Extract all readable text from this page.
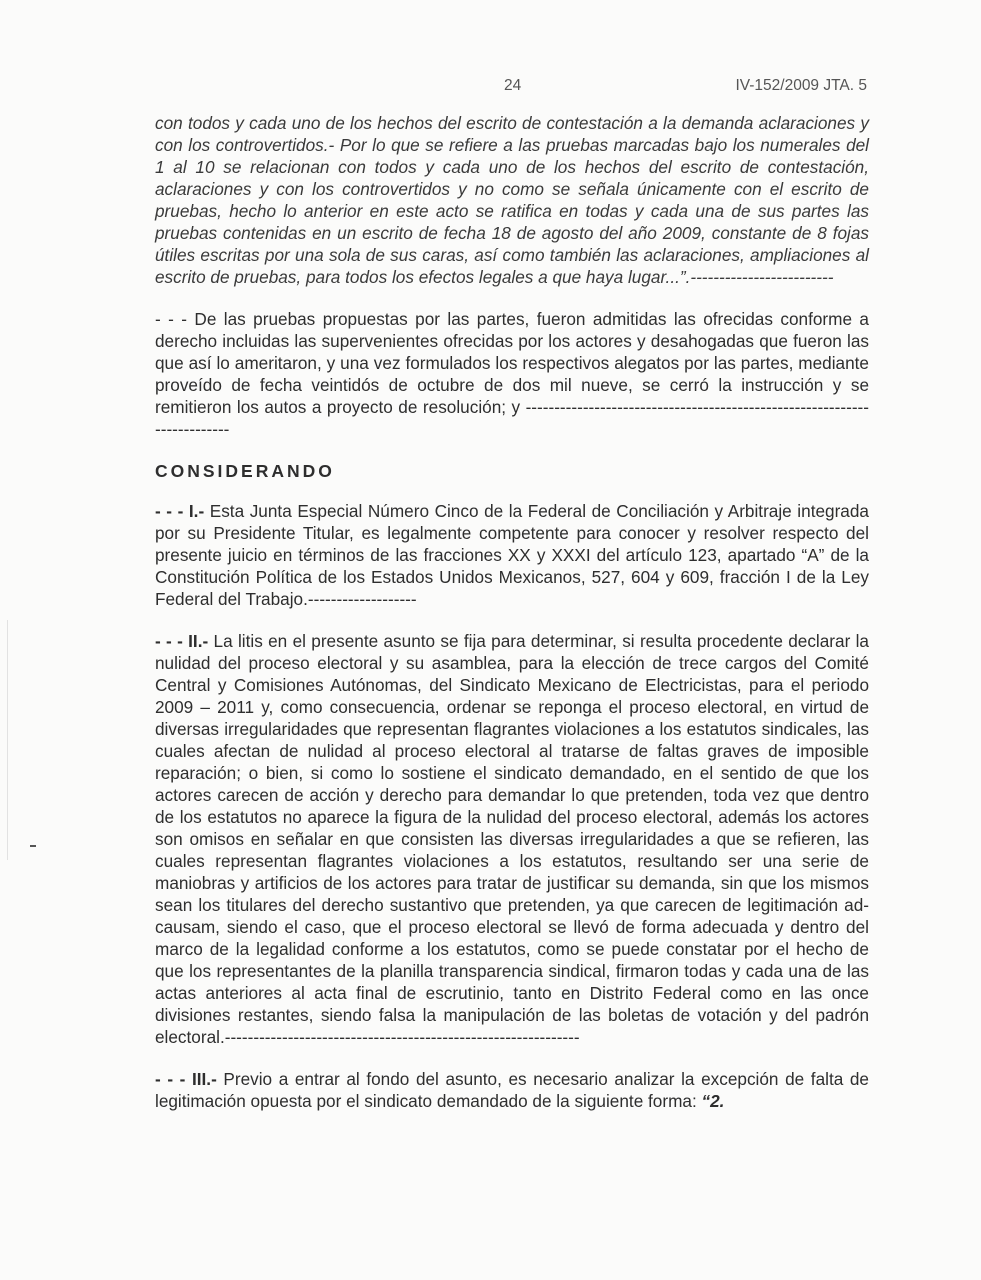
24	IV-152/2009 JTA. 5

con todos y cada uno de los hechos del escrito de contestación a la demanda aclaraciones y con los controvertidos.- Por lo que se refiere a las pruebas marcadas bajo los numerales del 1 al 10 se relacionan con todos y cada uno de los hechos del escrito de contestación, aclaraciones y con los controvertidos y no como se señala únicamente con el escrito de pruebas, hecho lo anterior en este acto se ratifica en todas y cada una de sus partes las pruebas contenidas en un escrito de fecha 18 de agosto del año 2009, constante de 8 fojas útiles escritas por una sola de sus caras, así como también las aclaraciones, ampliaciones al escrito de pruebas, para todos los efectos legales a que haya lugar...”.-------------------------

- - - De las pruebas propuestas por las partes, fueron admitidas las ofrecidas conforme a derecho incluidas las supervenientes ofrecidas por los actores y desahogadas que fueron las que así lo ameritaron, y una vez formulados los respectivos alegatos por las partes, mediante proveído de fecha veintidós de octubre de dos mil nueve, se cerró la instrucción y se remitieron los autos a proyecto de resolución; y -------------------------------------------------------------------------

CONSIDERANDO

- - - I.- Esta Junta Especial Número Cinco de la Federal de Conciliación y Arbitraje integrada por su Presidente Titular, es legalmente competente para conocer y resolver respecto del presente juicio en términos de las fracciones XX y XXXI del artículo 123, apartado “A” de la Constitución Política de los Estados Unidos Mexicanos, 527, 604 y 609, fracción I de la Ley Federal del Trabajo.-------------------

- - - II.- La litis en el presente asunto se fija para determinar, si resulta procedente declarar la nulidad del proceso electoral y su asamblea, para la elección de trece cargos del Comité Central y Comisiones Autónomas, del Sindicato Mexicano de Electricistas, para el periodo 2009 – 2011 y, como consecuencia, ordenar se reponga el proceso electoral, en virtud de diversas irregularidades que representan flagrantes violaciones a los estatutos sindicales, las cuales afectan de nulidad al proceso electoral al tratarse de faltas graves de imposible reparación; o bien, si como lo sostiene el sindicato demandado, en el sentido de que los actores carecen de acción y derecho para demandar lo que pretenden, toda vez que dentro de los estatutos no aparece la figura de la nulidad del proceso electoral, además los actores son omisos en señalar en que consisten las diversas irregularidades a que se refieren, las cuales representan flagrantes violaciones a los estatutos, resultando ser una serie de maniobras y artificios de los actores para tratar de justificar su demanda, sin que los mismos sean los titulares del derecho sustantivo que pretenden, ya que carecen de legitimación ad-causam, siendo el caso, que el proceso electoral se llevó de forma adecuada y dentro del marco de la legalidad conforme a los estatutos, como se puede constatar por el hecho de que los representantes de la planilla transparencia sindical, firmaron todas y cada una de las actas anteriores al acta final de escrutinio, tanto en Distrito Federal como en las once divisiones restantes, siendo falsa la manipulación de las boletas de votación y del padrón electoral.--------------------------------------------------------------

- - - III.- Previo a entrar al fondo del asunto, es necesario analizar la excepción de falta de legitimación opuesta por el sindicato demandado de la siguiente forma: “2.
